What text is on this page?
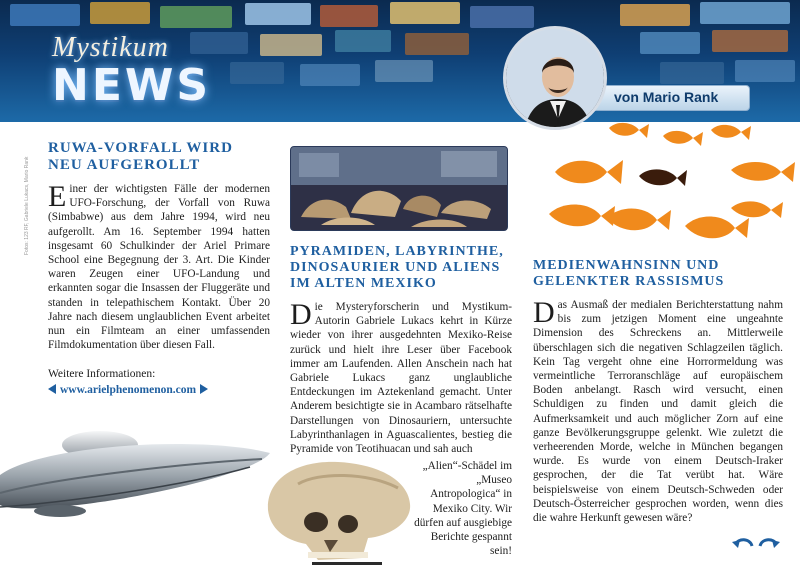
Mystikum
NEWS	von Mario Rank
Fotos: 123 RF, Gabriele Lukacs, Mario Rank
RUWA-VORFALL WIRD NEU AUFGEROLLT

Einer der wichtigsten Fälle der modernen UFO-Forschung, der Vorfall von Ruwa (Simbabwe) aus dem Jahre 1994, wird neu aufgerollt. Am 16. September 1994 hatten insgesamt 60 Schulkinder der Ariel Primare School eine Begegnung der 3. Art. Die Kinder waren Zeugen einer UFO-Landung und erkannten sogar die Insassen der Fluggeräte und standen in telepathischem Kontakt. Über 20 Jahre nach diesem unglaublichen Event arbeitet nun ein Filmteam an einer umfassenden Filmdokumentation über diesen Fall.

Weitere Informationen:
www.arielphenomenon.com
PYRAMIDEN, LABYRINTHE, DINOSAURIER UND ALIENS IM ALTEN MEXIKO

Die Mysteryforscherin und Mystikum-Autorin Gabriele Lukacs kehrt in Kürze wieder von ihrer ausgedehnten Mexiko-Reise zurück und hielt ihre Leser über Facebook immer am Laufenden. Allen Anschein nach hat Gabriele Lukacs ganz unglaubliche Entdeckungen im Aztekenland gemacht. Unter Anderem besichtigte sie in Acambaro rätselhafte Darstellungen von Dinosauriern, untersuchte Labyrinthanlagen in Aguascalientes, bestieg die Pyramide von Teotihuacan und sah auch

„Alien“-Schädel im „Museo Antropologica“ in Mexiko City. Wir dürfen auf ausgiebige Berichte gespannt sein!

MEDIENWAHNSINN UND GELENKTER RASSISMUS

Das Ausmaß der medialen Berichterstattung nahm bis zum jetzigen Moment eine ungeahnte Dimension des Schreckens an. Mittlerweile überschlagen sich die negativen Schlagzeilen täglich. Kein Tag vergeht ohne eine Horrormeldung was vermeintliche Terroranschläge auf europäischem Boden anbelangt. Rasch wird versucht, einen Schuldigen zu finden und damit gleich die Aufmerksamkeit und auch möglicher Zorn auf eine ganze Bevölkerungsgruppe gelenkt. Wie zuletzt die verheerenden Morde, welche in München begangen wurde. Es wurde von einem Deutsch-Iraker gesprochen, der die Tat verübt hat. Wäre beispielsweise von einem Deutsch-Schweden oder Deutsch-Österreicher gesprochen worden, wenn dies die wahre Herkunft gewesen wäre?
